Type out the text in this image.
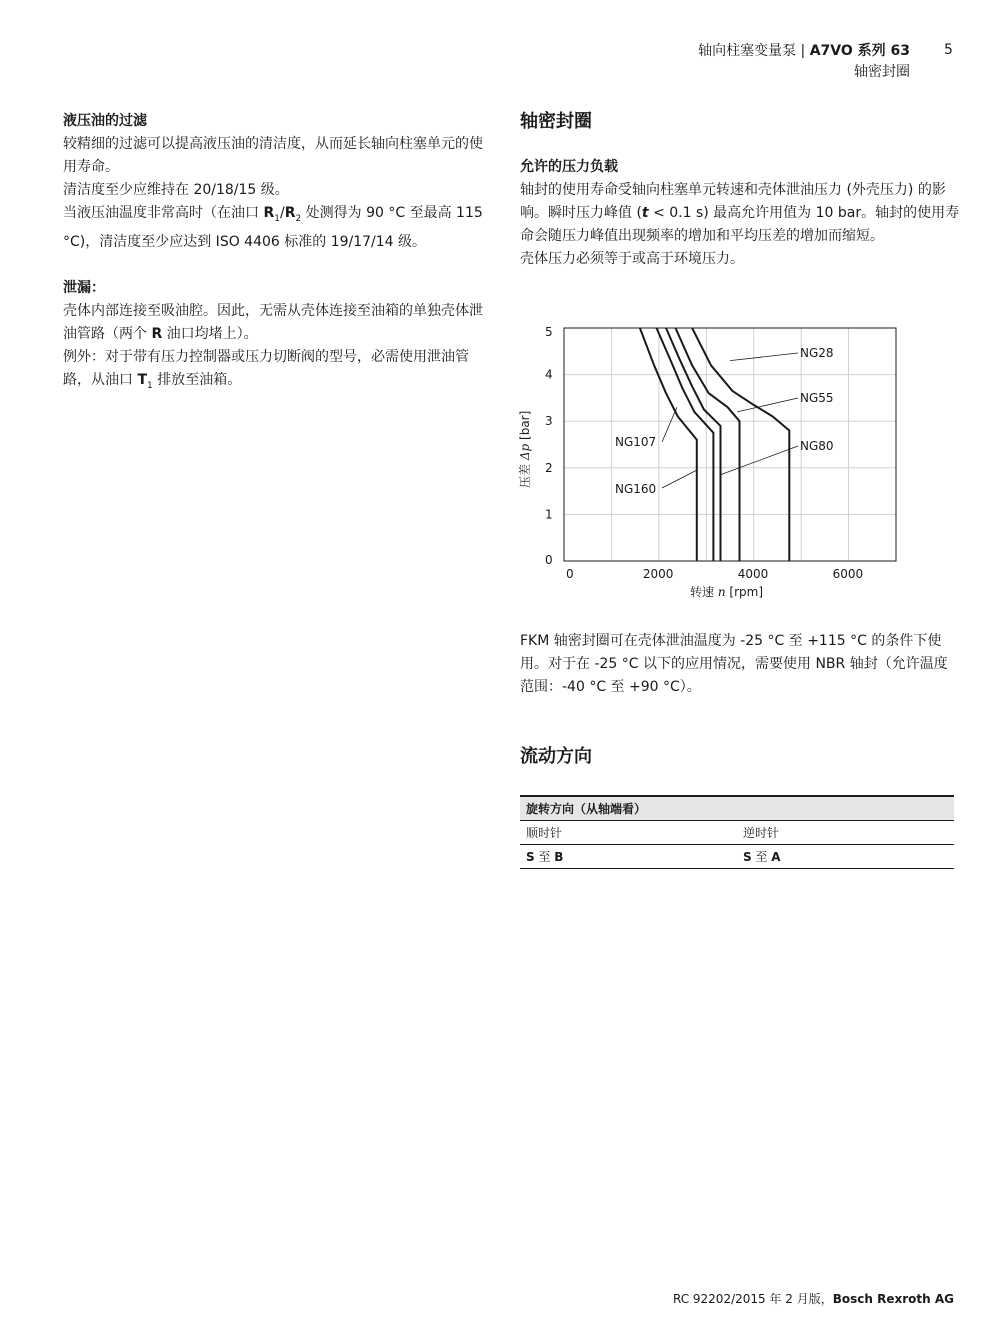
轴向柱塞变量泵 | A7VO 系列 63
轴密封圈
5
液压油的过滤

较精细的过滤可以提高液压油的清洁度，从而延长轴向柱塞单元的使用寿命。

清洁度至少应维持在 20/18/15 级。

当液压油温度非常高时（在油口 $R_1/R_2$ 处测得为 90 °C 至最高 115 °C)，清洁度至少应达到 ISO 4406 标准的 19/17/14 级。

泄漏：

壳体内部连接至吸油腔。因此，无需从壳体连接至油箱的单独壳体泄油管路（两个 R 油口均堵上）。

例外：对于带有压力控制器或压力切断阀的型号，必需使用泄油管路，从油口 $T_1$ 排放至油箱。

轴密封圈
允许的压力负载

轴封的使用寿命受轴向柱塞单元转速和壳体泄油压力 (外壳压力) 的影响。瞬时压力峰值 (t < 0.1 s) 最高允许用值为 10 bar。轴封的使用寿命会随压力峰值出现频率的增加和平均压差的增加而缩短。

壳体压力必须等于或高于环境压力。

0	2000	4000	6000
0
1
2
3
4
5
NG28
NG55
NG80
NG107
NG160
转速 n [rpm]
压差 Δp [bar]
FKM 轴密封圈可在壳体泄油温度为 -25 °C 至 +115 °C 的条件下使用。对于在 -25 °C 以下的应用情况，需要使用 NBR 轴封（允许温度范围：-40 °C 至 +90 °C）。
流动方向
旋转方向（从轴端看）	
顺时针	逆时针
S 至 B	S 至 A
RC 92202/2015 年 2 月版，Bosch Rexroth AG
